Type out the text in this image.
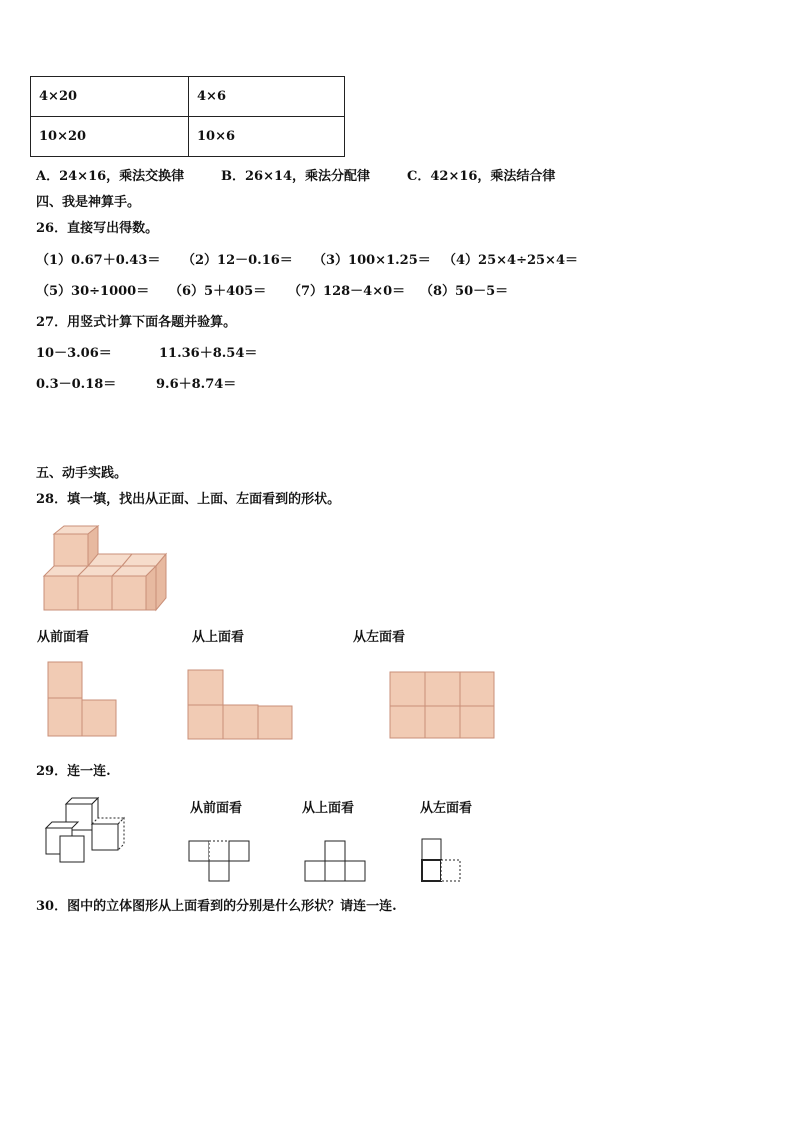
4×20	4×6
10×20	10×6
A．24×16，乘法交换律	B．26×14，乘法分配律	C．42×16，乘法结合律
四、我是神算手。
26．直接写出得数。
（1）0.67＋0.43＝ （2）12－0.16＝ （3）100×1.25＝ （4）25×4÷25×4＝
（5）30÷1000＝ （6）5＋405＝ （7）128－4×0＝ （8）50－5＝
27．用竖式计算下面各题并验算。
10－3.06＝	11.36＋8.54＝
0.3－0.18＝	9.6＋8.74＝
五、动手实践。
28．填一填，找出从正面、上面、左面看到的形状。
从前面看	从上面看	从左面看
29．连一连.
从前面看	从上面看	从左面看
30．图中的立体图形从上面看到的分别是什么形状？请连一连.
